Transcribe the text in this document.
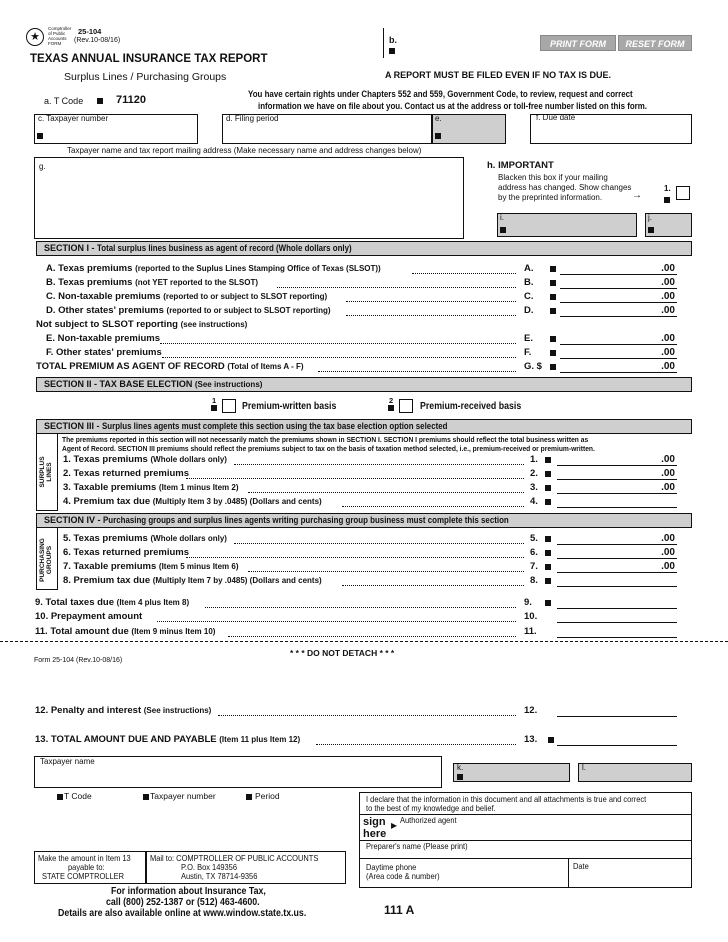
★
Comptroller of Public Accounts FORM
25-104
(Rev.10-08/16)	b.	PRINT FORM	RESET FORM
TEXAS ANNUAL INSURANCE TAX REPORT
Surplus Lines / Purchasing Groups	A REPORT MUST BE FILED EVEN IF NO TAX IS DUE.
You have certain rights under Chapters 552 and 559, Government Code, to review, request and correct
information we have on file about you. Contact us at the address or toll-free number listed on this form.
a. T Code	71120
c. Taxpayer number	d. Filing period	e.	f. Due date
Taxpayer name and tax report mailing address (Make necessary name and address changes below)
g.	h. IMPORTANT
Blacken this box if your mailing
address has changed. Show changes
by the preprinted information.	→
1.
i.	j.
SECTION I - Total surplus lines business as agent of record (Whole dollars only)
A. Texas premiums (reported to the Suplus Lines Stamping Office of Texas (SLSOT))	A.	.00
B. Texas premiums (not YET reported to the SLSOT)	B.	.00
C. Non-taxable premiums (reported to or subject to SLSOT reporting)	C.	.00
D. Other states' premiums (reported to or subject to SLSOT reporting)	D.	.00
Not subject to SLSOT reporting (see instructions)
E. Non-taxable premiums	E.	.00
F. Other states' premiums	F.	.00
TOTAL PREMIUM AS AGENT OF RECORD (Total of Items A - F)	G. $	.00
SECTION II - TAX BASE ELECTION (See instructions)
1
Premium-written basis
2
Premium-received basis
SECTION III - Surplus lines agents must complete this section using the tax base election option selected
SURPLUS LINES
The premiums reported in this section will not necessarily match the premiums shown in SECTION I. SECTION I premiums should reflect the total business written as
Agent of Record. SECTION III premiums should reflect the premiums subject to tax on the basis of taxation method selected, i.e., premium-received or premium-written.
1. Texas premiums (Whole dollars only)	1.	.00
2. Texas returned premiums	2.	.00
3. Taxable premiums (Item 1 minus Item 2)	3.	.00
4. Premium tax due (Multiply Item 3 by .0485) (Dollars and cents)	4.
SECTION IV - Purchasing groups and surplus lines agents writing purchasing group business must complete this section
PURCHASING GROUPS
5. Texas premiums (Whole dollars only)	5.	.00
6. Texas returned premiums	6.	.00
7. Taxable premiums (Item 5 minus Item 6)	7.	.00
8. Premium tax due (Multiply Item 7 by .0485) (Dollars and cents)	8.
9. Total taxes due (Item 4 plus Item 8)	9.
10. Prepayment amount	10.
11. Total amount due (Item 9 minus Item 10)	11.
* * * DO NOT DETACH * * *
Form 25-104 (Rev.10-08/16)
12. Penalty and interest (See instructions)	12.
13. TOTAL AMOUNT DUE AND PAYABLE (Item 11 plus Item 12)	13.
Taxpayer name
k.	l.
T Code	Taxpayer number	Period	I declare that the information in this document and all attachments is true and correct
to the best of my knowledge and belief.
sign
here
▸ Authorized agent
Preparer's name (Please print)
Daytime phone
(Area code & number)
Date
Make the amount in Item 13
payable to:
STATE COMPTROLLER
Mail to: COMPTROLLER OF PUBLIC ACCOUNTS
P.O. Box 149356
Austin, TX 78714-9356
For information about Insurance Tax,
call (800) 252-1387 or (512) 463-4600.
Details are also available online at www.window.state.tx.us.	111 A
